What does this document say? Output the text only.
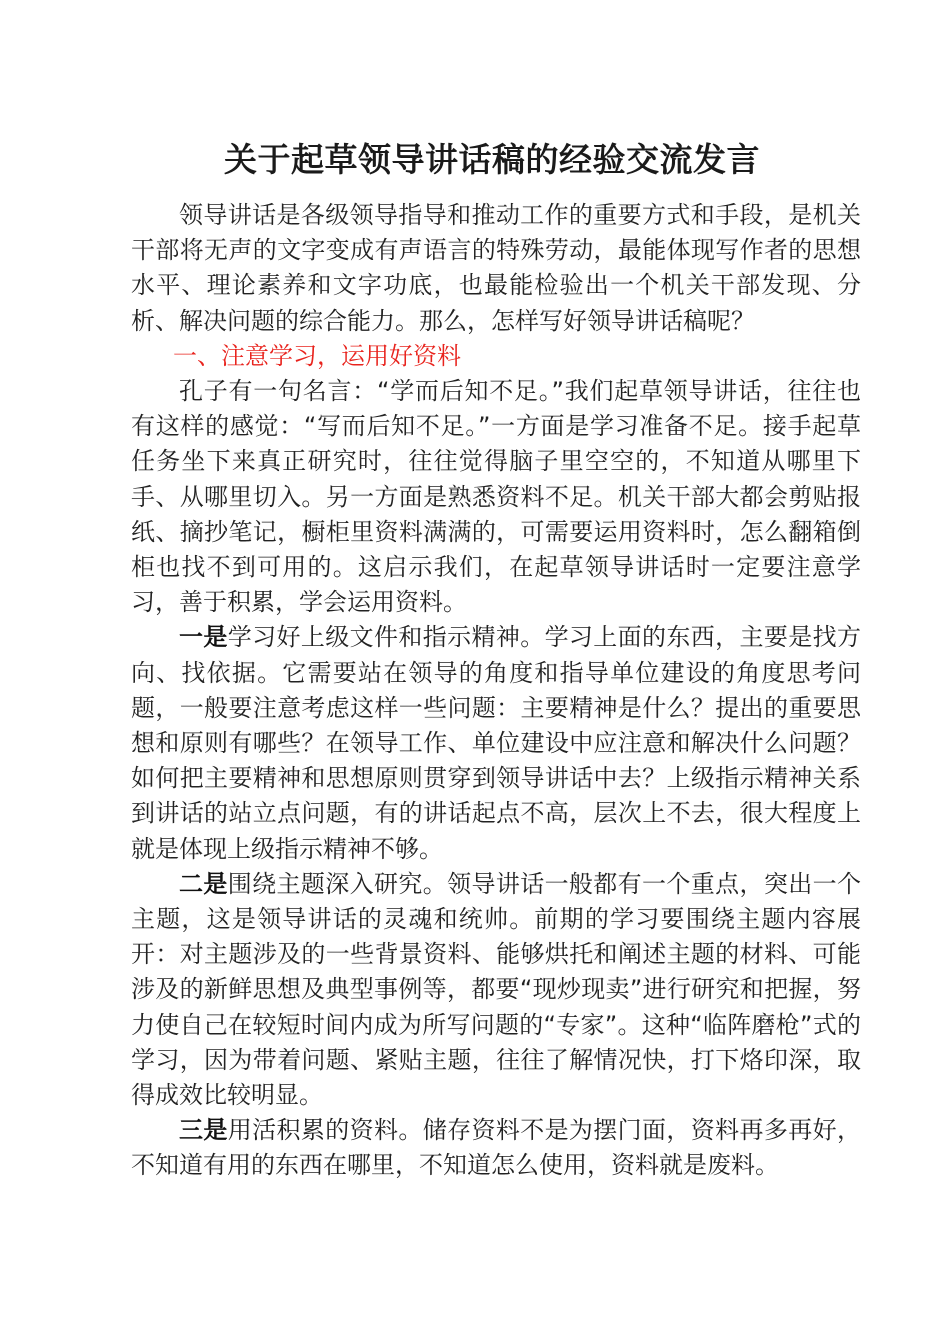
关于起草领导讲话稿的经验交流发言

领导讲话是各级领导指导和推动工作的重要方式和手段，是机关干部将无声的文字变成有声语言的特殊劳动，最能体现写作者的思想水平、理论素养和文字功底，也最能检验出一个机关干部发现、分析、解决问题的综合能力。那么，怎样写好领导讲话稿呢？

一、注意学习，运用好资料

孔子有一句名言：“学而后知不足。”我们起草领导讲话，往往也有这样的感觉：“写而后知不足。”一方面是学习准备不足。接手起草任务坐下来真正研究时，往往觉得脑子里空空的，不知道从哪里下手、从哪里切入。另一方面是熟悉资料不足。机关干部大都会剪贴报纸、摘抄笔记，橱柜里资料满满的，可需要运用资料时，怎么翻箱倒柜也找不到可用的。这启示我们，在起草领导讲话时一定要注意学习，善于积累，学会运用资料。

一是学习好上级文件和指示精神。学习上面的东西，主要是找方向、找依据。它需要站在领导的角度和指导单位建设的角度思考问题，一般要注意考虑这样一些问题：主要精神是什么？提出的重要思想和原则有哪些？在领导工作、单位建设中应注意和解决什么问题？如何把主要精神和思想原则贯穿到领导讲话中去？上级指示精神关系到讲话的站立点问题，有的讲话起点不高，层次上不去，很大程度上就是体现上级指示精神不够。

二是围绕主题深入研究。领导讲话一般都有一个重点，突出一个主题，这是领导讲话的灵魂和统帅。前期的学习要围绕主题内容展开：对主题涉及的一些背景资料、能够烘托和阐述主题的材料、可能涉及的新鲜思想及典型事例等，都要“现炒现卖”进行研究和把握，努力使自己在较短时间内成为所写问题的“专家”。这种“临阵磨枪”式的学习，因为带着问题、紧贴主题，往往了解情况快，打下烙印深，取得成效比较明显。

三是用活积累的资料。储存资料不是为摆门面，资料再多再好，不知道有用的东西在哪里，不知道怎么使用，资料就是废料。
